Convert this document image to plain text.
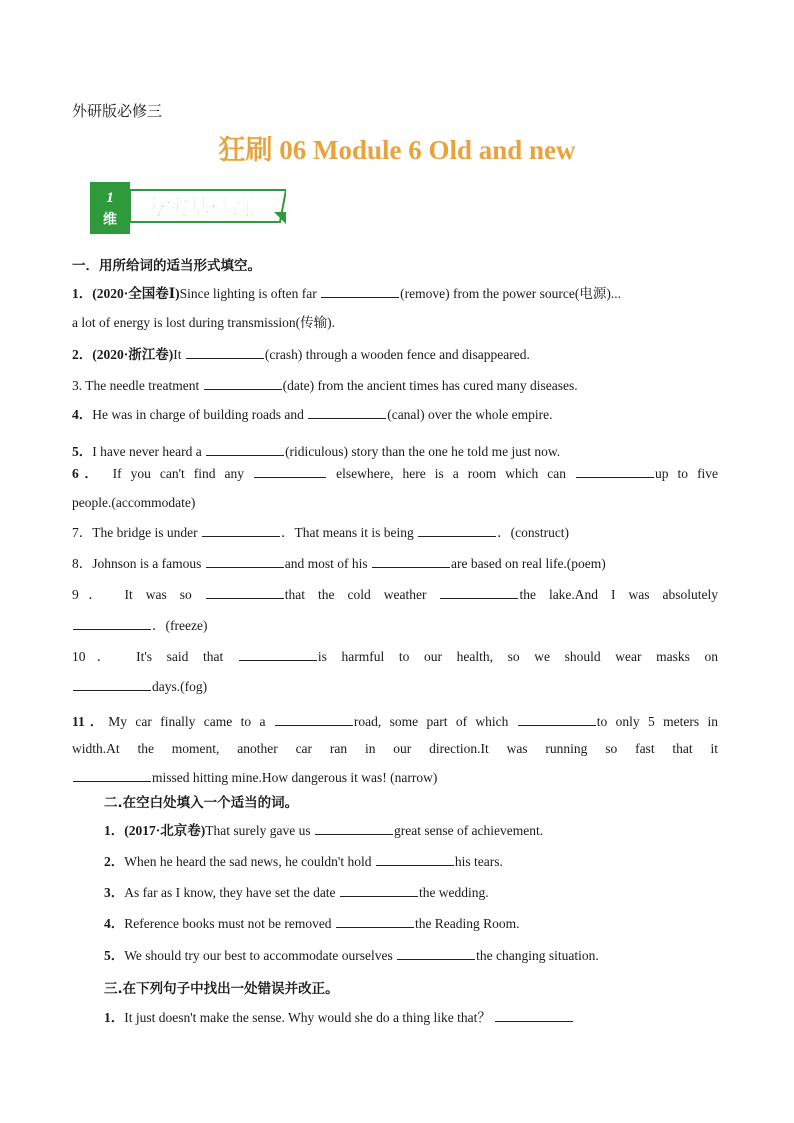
外研版必修三
狂刷 06 Module 6 Old and new
1
维 夯实基础练
一．用所给词的适当形式填空。
1．(2020·全国卷Ⅰ)Since lighting is often far	(remove) from the power source(电源)...
a lot of energy is lost during transmission(传输).
2．(2020·浙江卷)It	(crash) through a wooden fence and disappeared.
3. The needle treatment	(date) from the ancient times has cured many diseases.
4．He was in charge of building roads and	(canal) over the whole empire.
5．I have never heard a	(ridiculous) story than the one he told me just now.
6． If you can't find any	elsewhere, here is a room which can	up to five
people.(accommodate)
7．The bridge is under	．That means it is being	．(construct)
8．Johnson is a famous	and most of his	are based on real life.(poem)
9． It was so	that the cold weather	the lake.And I was absolutely
．(freeze)
10． It's said that	is harmful to our health, so we should wear masks on
days.(fog)
11．My car finally came to a	road, some part of which	to only 5 meters in
width.At the moment, another car ran in our direction.It was running so fast that it
missed hitting mine.How dangerous it was! (narrow)
二.在空白处填入一个适当的词。
1．(2017·北京卷)That surely gave us	great sense of achievement.
2．When he heard the sad news, he couldn't hold	his tears.
3．As far as I know, they have set the date	the wedding.
4．Reference books must not be removed	the Reading Room.
5．We should try our best to accommodate ourselves	the changing situation.
三.在下列句子中找出一处错误并改正。
1．It just doesn't make the sense. Why would she do a thing like that？
